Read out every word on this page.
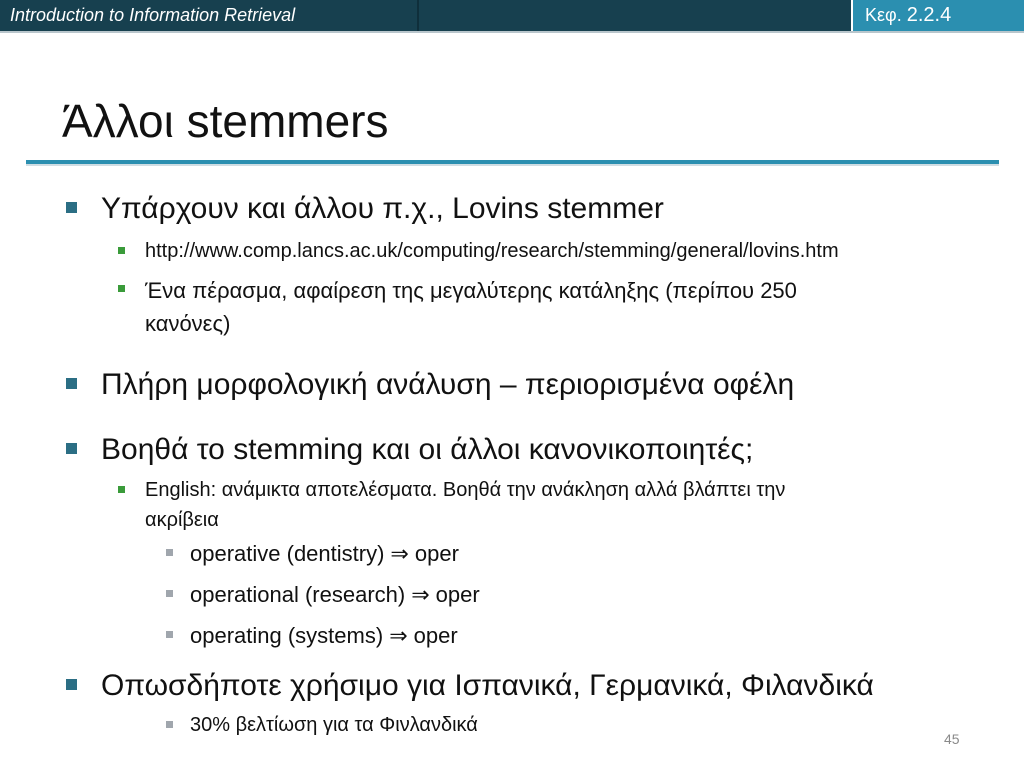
Introduction to Information Retrieval	Κεφ. 2.2.4
Άλλοι stemmers
Υπάρχουν και άλλου π.χ., Lovins stemmer
http://www.comp.lancs.ac.uk/computing/research/stemming/general/lovins.htm
Ένα πέρασμα, αφαίρεση της μεγαλύτερης κατάληξης (περίπου 250
κανόνες)
Πλήρη μορφολογική ανάλυση – περιορισμένα οφέλη
Βοηθά το stemming και οι άλλοι κανονικοποιητές;
English: ανάμικτα αποτελέσματα. Βοηθά την ανάκληση αλλά βλάπτει την
ακρίβεια
operative (dentistry) ⇒ oper
operational (research) ⇒ oper
operating (systems) ⇒ oper
Οπωσδήποτε χρήσιμο για Ισπανικά, Γερμανικά, Φιλανδικά
30% βελτίωση για τα Φινλανδικά
45
